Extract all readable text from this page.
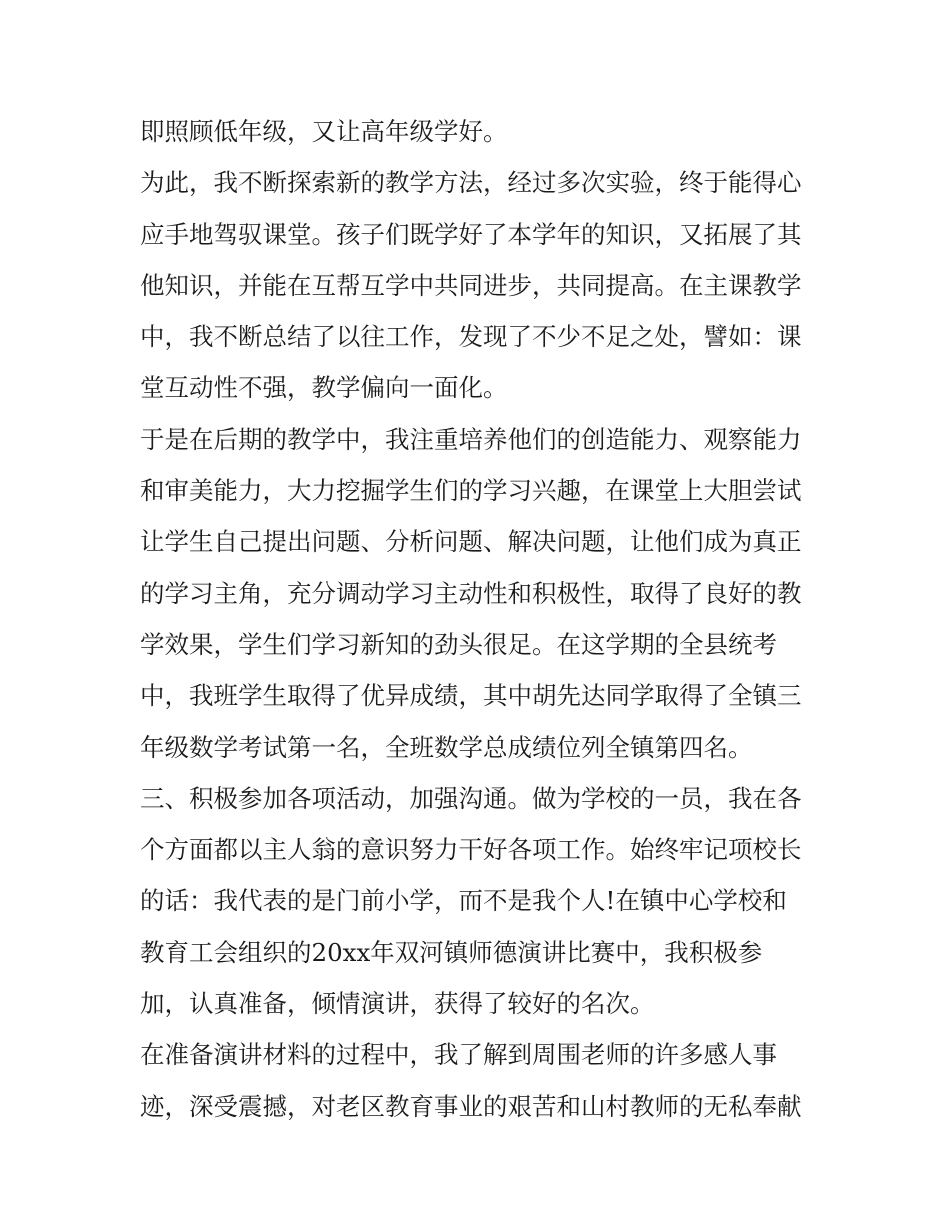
即照顾低年级，又让高年级学好。
为此，我不断探索新的教学方法，经过多次实验，终于能得心
应手地驾驭课堂。孩子们既学好了本学年的知识，又拓展了其
他知识，并能在互帮互学中共同进步，共同提高。在主课教学
中，我不断总结了以往工作，发现了不少不足之处，譬如：课
堂互动性不强，教学偏向一面化。
于是在后期的教学中，我注重培养他们的创造能力、观察能力
和审美能力，大力挖掘学生们的学习兴趣，在课堂上大胆尝试
让学生自己提出问题、分析问题、解决问题，让他们成为真正
的学习主角，充分调动学习主动性和积极性，取得了良好的教
学效果，学生们学习新知的劲头很足。在这学期的全县统考
中，我班学生取得了优异成绩，其中胡先达同学取得了全镇三
年级数学考试第一名，全班数学总成绩位列全镇第四名。
三、积极参加各项活动，加强沟通。做为学校的一员，我在各
个方面都以主人翁的意识努力干好各项工作。始终牢记项校长
的话：我代表的是门前小学，而不是我个人!在镇中心学校和
教育工会组织的20xx年双河镇师德演讲比赛中，我积极参
加，认真准备，倾情演讲，获得了较好的名次。
在准备演讲材料的过程中，我了解到周围老师的许多感人事
迹，深受震撼，对老区教育事业的艰苦和山村教师的无私奉献
